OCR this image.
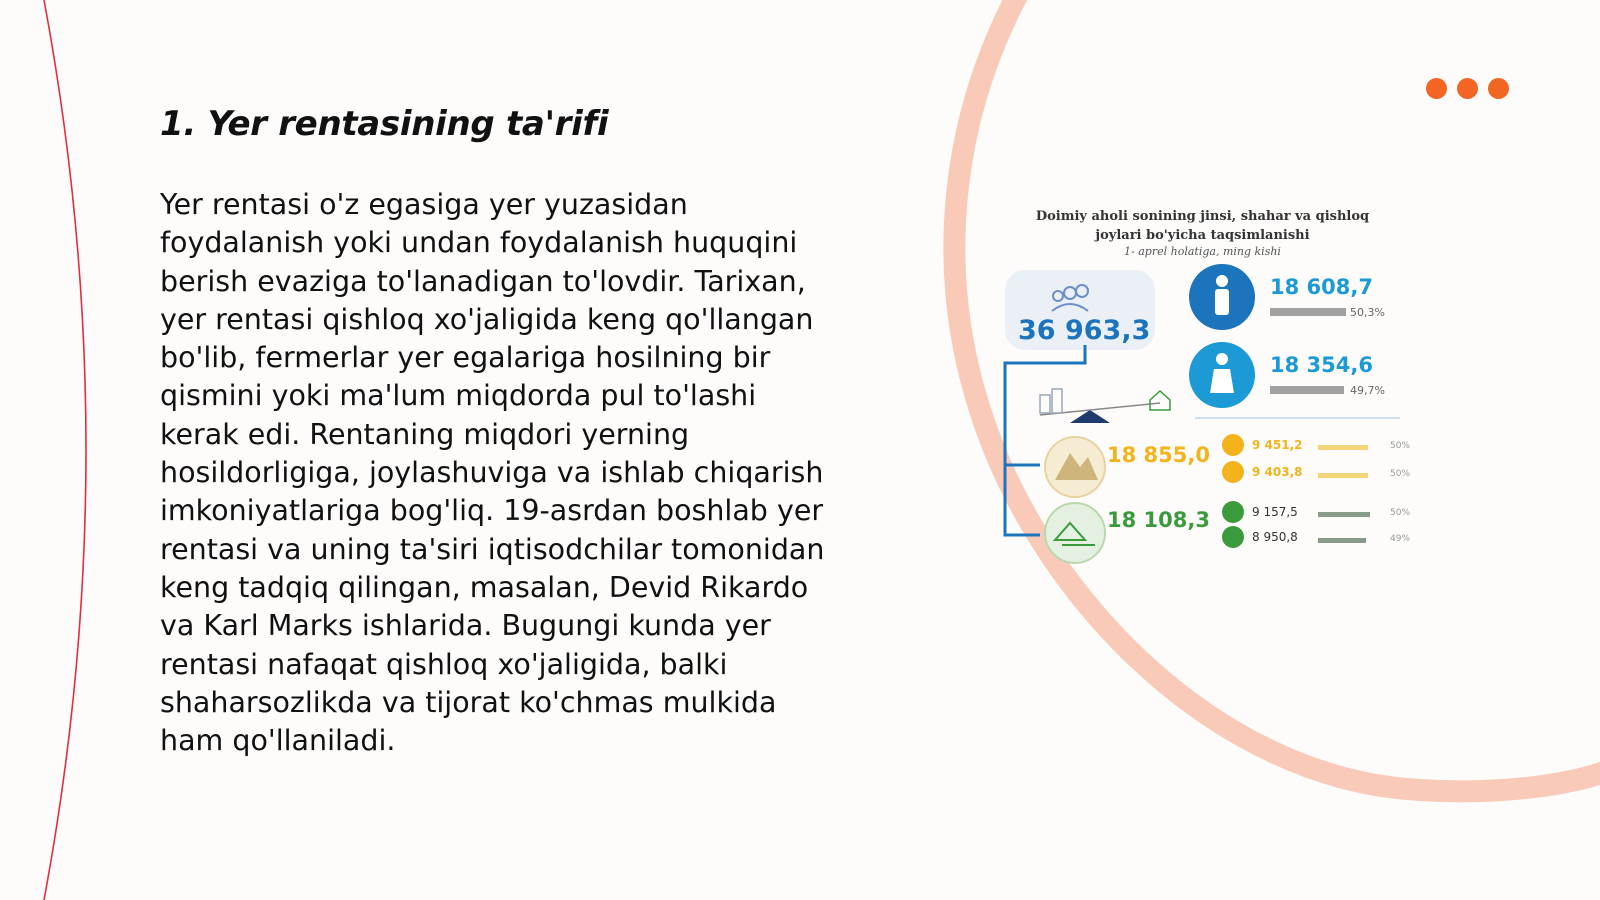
1. Yer rentasining ta'rifi

Yer rentasi o'z egasiga yer yuzasidan foydalanish yoki undan foydalanish huquqini berish evaziga to'lanadigan to'lovdir. Tarixan, yer rentasi qishloq xo'jaligida keng qo'llangan bo'lib, fermerlar yer egalariga hosilning bir qismini yoki ma'lum miqdorda pul to'lashi kerak edi. Rentaning miqdori yerning hosildorligiga, joylashuviga va ishlab chiqarish imkoniyatlariga bog'liq. 19-asrdan boshlab yer rentasi va uning ta'siri iqtisodchilar tomonidan keng tadqiq qilingan, masalan, Devid Rikardo va Karl Marks ishlarida. Bugungi kunda yer rentasi nafaqat qishloq xo'jaligida, balki shaharsozlikda va tijorat ko'chmas mulkida ham qo'llaniladi.

Doimiy aholi sonining jinsi, shahar va qishloq

joylari bo'yicha taqsimlanishi

1- aprel holatiga, ming kishi

36 963,3

18 608,7

50,3%

18 354,6

49,7%

18 855,0

18 108,3

9 451,2

9 403,8

9 157,5

8 950,8

50%

50%

50%

49%
